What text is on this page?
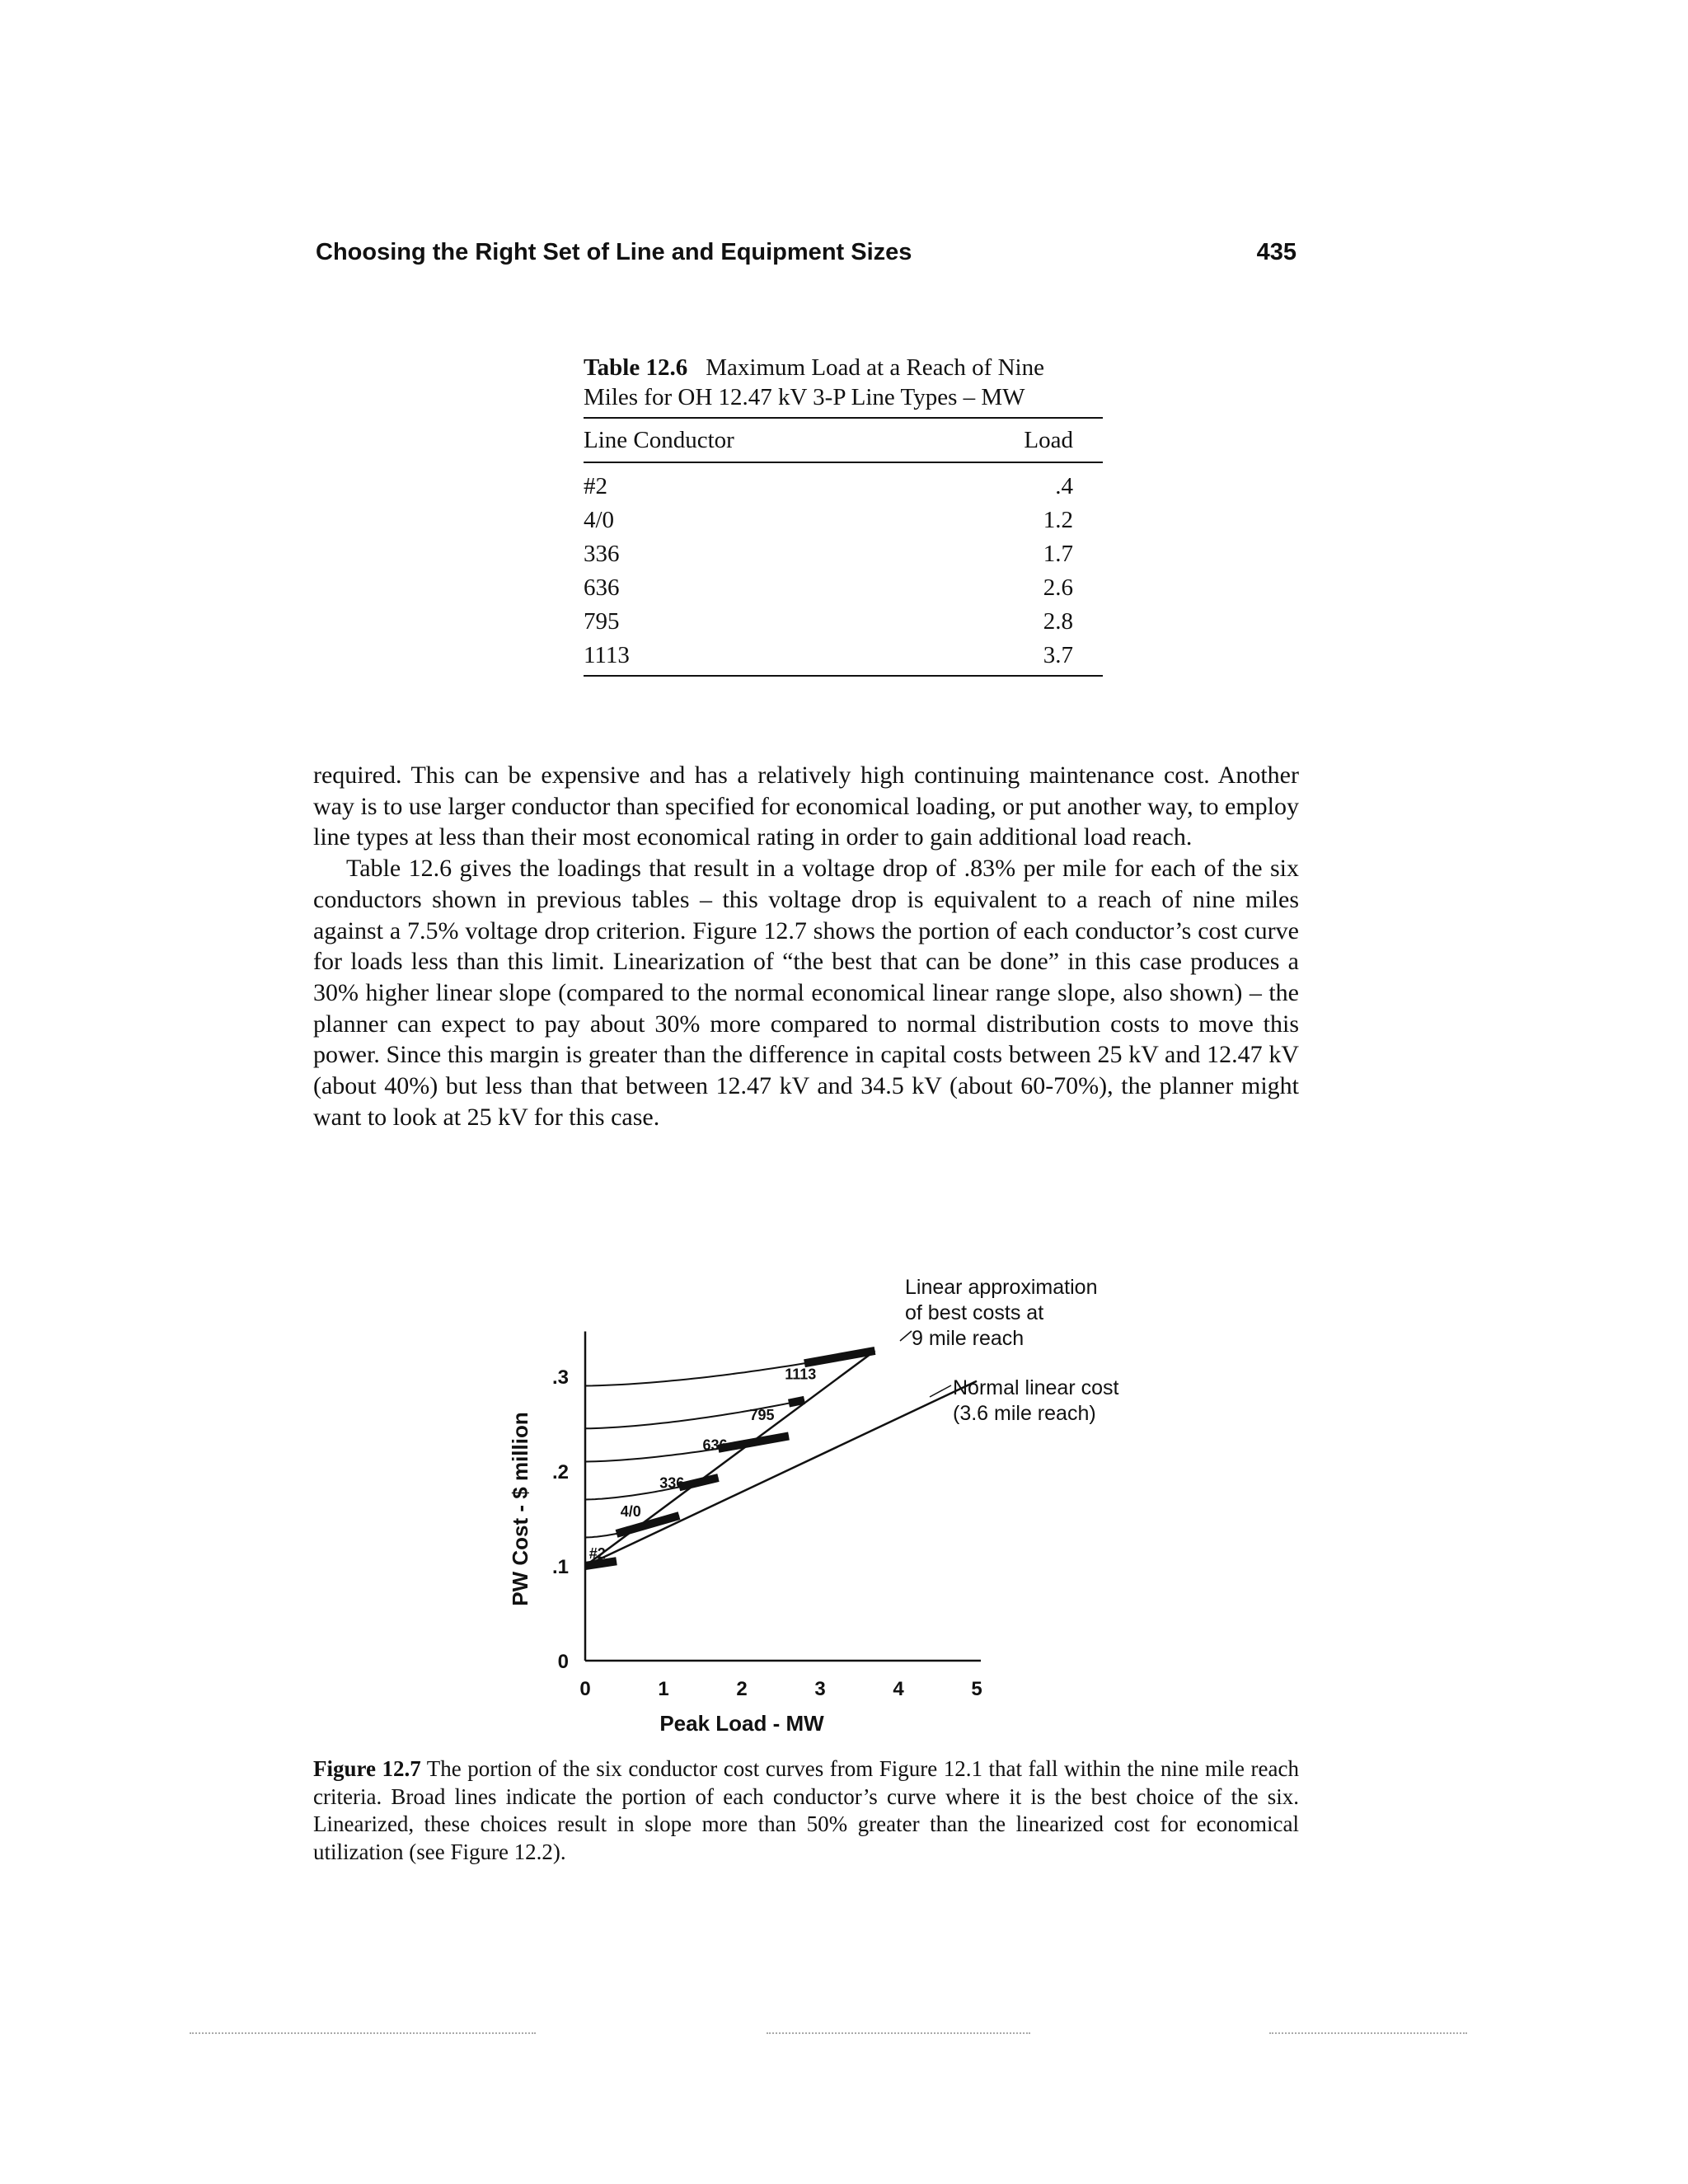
Choosing the Right Set of Line and Equipment Sizes	435
Table 12.6 Maximum Load at a Reach of Nine Miles for OH 12.47 kV 3-P Line Types – MW
Line Conductor	Load
#2	.4
4/0	1.2
336	1.7
636	2.6
795	2.8
1113	3.7

required. This can be expensive and has a relatively high continuing maintenance cost. Another way is to use larger conductor than specified for economical loading, or put another way, to employ line types at less than their most economical rating in order to gain additional load reach.

Table 12.6 gives the loadings that result in a voltage drop of .83% per mile for each of the six conductors shown in previous tables – this voltage drop is equivalent to a reach of nine miles against a 7.5% voltage drop criterion. Figure 12.7 shows the portion of each conductor’s cost curve for loads less than this limit. Linearization of “the best that can be done” in this case produces a 30% higher linear slope (compared to the normal economical linear range slope, also shown) – the planner can expect to pay about 30% more compared to normal distribution costs to move this power. Since this margin is greater than the difference in capital costs between 25 kV and 12.47 kV (about 40%) but less than that between 12.47 kV and 34.5 kV (about 60-70%), the planner might want to look at 25 kV for this case.

0	1	2	3	4	5
0
.1
.2
.3
Peak Load - MW
PW Cost - $ million	#2
4/0
336
636
795
1113
Linear approximation
of best costs at
9 mile reach
Normal linear cost
(3.6 mile reach)
Figure 12.7 The portion of the six conductor cost curves from Figure 12.1 that fall within the nine mile reach criteria. Broad lines indicate the portion of each conductor’s curve where it is the best choice of the six. Linearized, these choices result in slope more than 50% greater than the linearized cost for economical utilization (see Figure 12.2).
